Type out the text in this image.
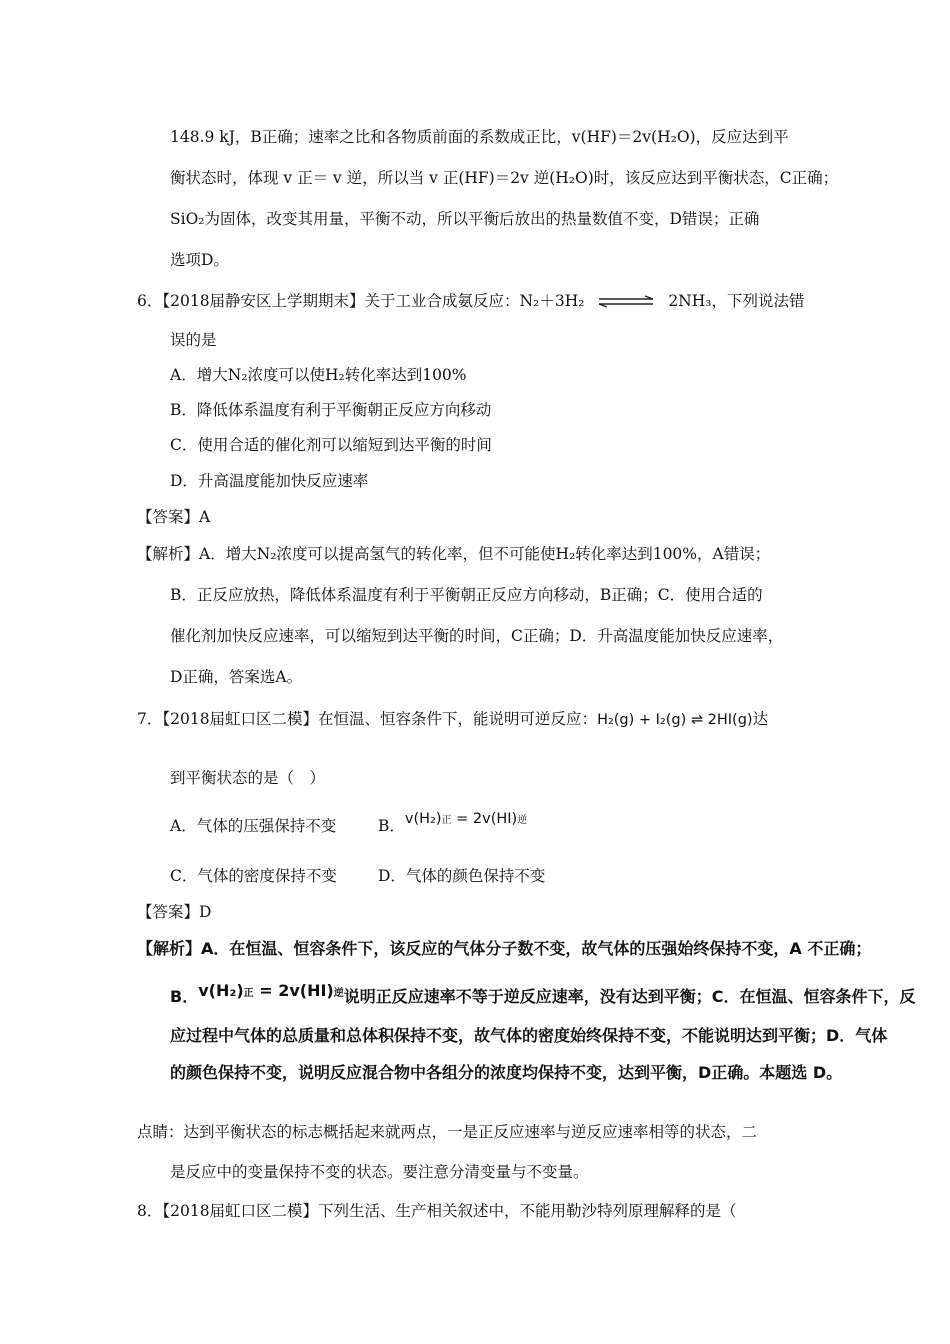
148.9 kJ，B正确；速率之比和各物质前面的系数成正比，v(HF)＝2v(H₂O)，反应达到平
衡状态时，体现 v 正＝ v 逆，所以当 v 正(HF)＝2v 逆(H₂O)时，该反应达到平衡状态，C正确；
SiO₂为固体，改变其用量，平衡不动，所以平衡后放出的热量数值不变，D错误；正确
选项D。
6．【2018届静安区上学期期末】关于工业合成氨反应：N₂＋3H₂ ⇌ 2NH₃，下列说法错
误的是
A．增大N₂浓度可以使H₂转化率达到100%
B．降低体系温度有利于平衡朝正反应方向移动
C．使用合适的催化剂可以缩短到达平衡的时间
D．升高温度能加快反应速率
【答案】A
【解析】A．增大N₂浓度可以提高氢气的转化率，但不可能使H₂转化率达到100%，A错误；
B．正反应放热，降低体系温度有利于平衡朝正反应方向移动，B正确；C．使用合适的
催化剂加快反应速率，可以缩短到达平衡的时间，C正确；D．升高温度能加快反应速率，
D正确，答案选A。
7．【2018届虹口区二模】在恒温、恒容条件下，能说明可逆反应：H₂(g) + I₂(g) ⇌ 2HI(g)达
到平衡状态的是（　）
A．气体的压强保持不变	B．v(H₂)正 = 2v(HI)逆
C．气体的密度保持不变	D．气体的颜色保持不变
【答案】D
【解析】A．在恒温、恒容条件下，该反应的气体分子数不变，故气体的压强始终保持不变，A 不正确；
B．v(H₂)正 = 2v(HI)逆说明正反应速率不等于逆反应速率，没有达到平衡；C．在恒温、恒容条件下，反
应过程中气体的总质量和总体积保持不变，故气体的密度始终保持不变，不能说明达到平衡；D．气体
的颜色保持不变，说明反应混合物中各组分的浓度均保持不变，达到平衡，D正确。本题选 D。
点睛：达到平衡状态的标志概括起来就两点，一是正反应速率与逆反应速率相等的状态，二
是反应中的变量保持不变的状态。要注意分清变量与不变量。
8．【2018届虹口区二模】下列生活、生产相关叙述中，不能用勒沙特列原理解释的是（
